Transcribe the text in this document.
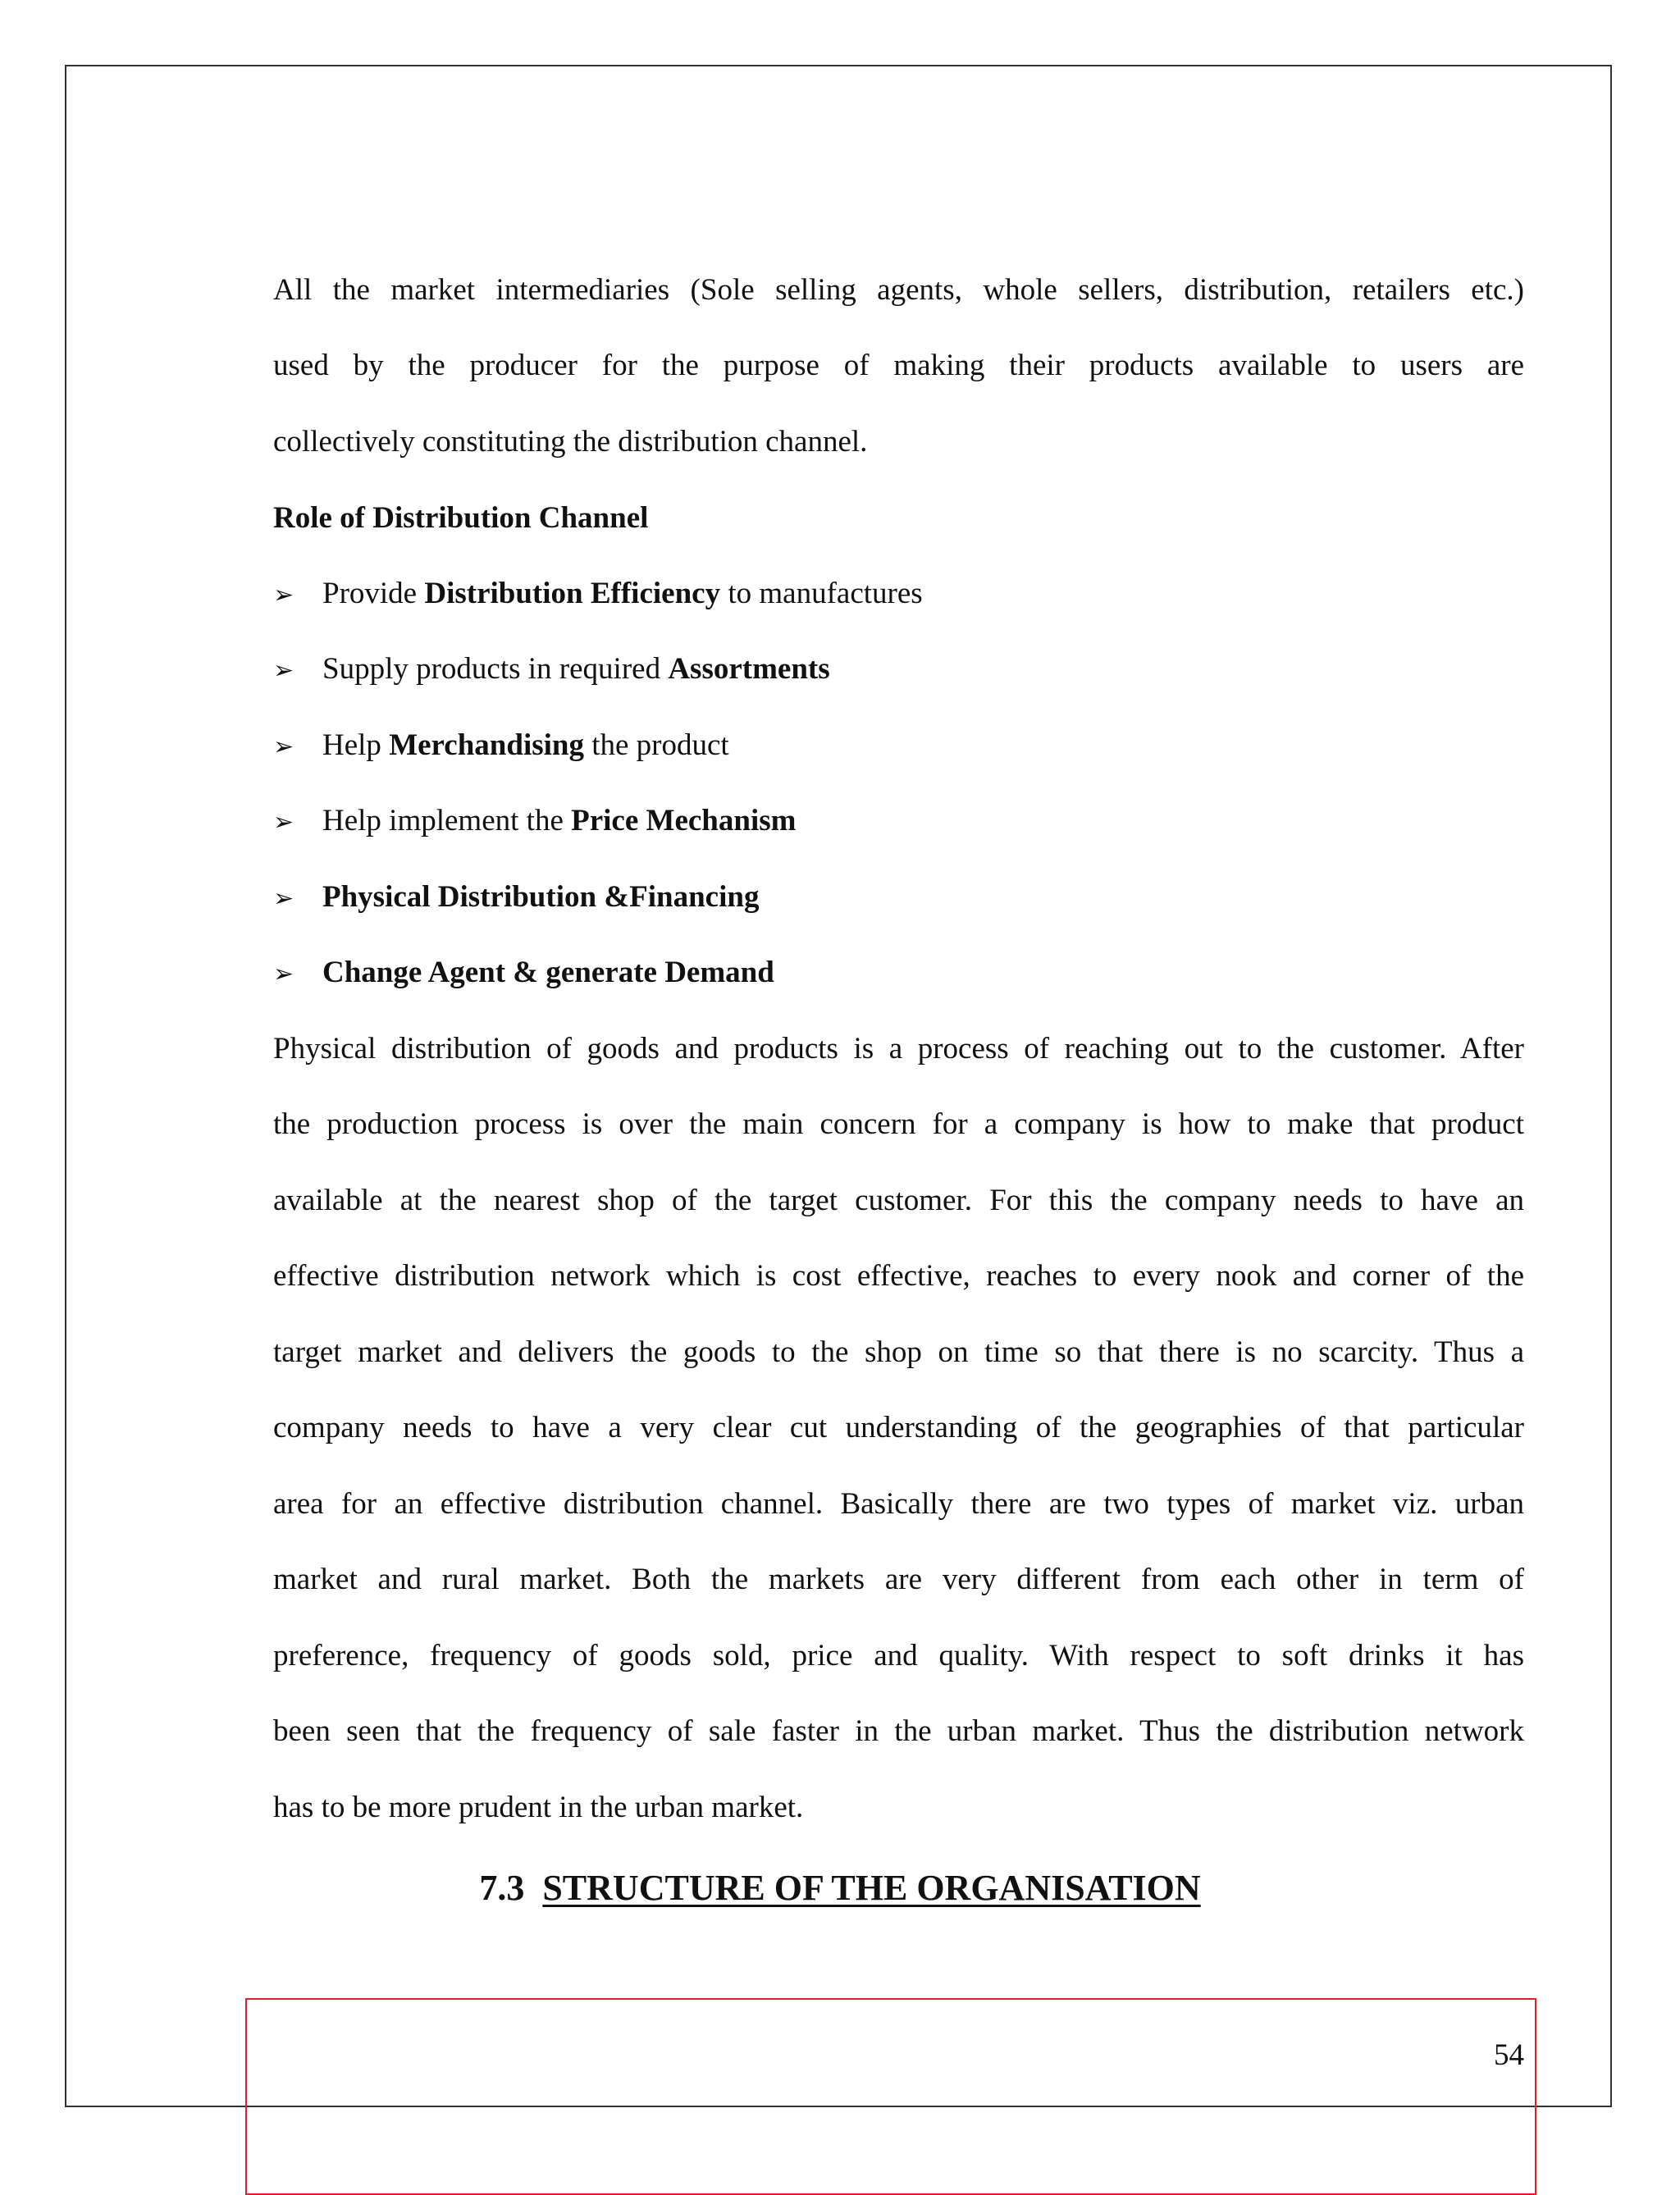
All the market intermediaries (Sole selling agents, whole sellers, distribution, retailers etc.)
used by the producer for the purpose of making their products available to users are
collectively constituting the distribution channel.
Role of Distribution Channel
➢ Provide Distribution Efficiency to manufactures
➢ Supply products in required Assortments
➢ Help Merchandising the product
➢ Help implement the Price Mechanism
➢ Physical Distribution &Financing
➢ Change Agent & generate Demand
Physical distribution of goods and products is a process of reaching out to the customer. After
the production process is over the main concern for a company is how to make that product
available at the nearest shop of the target customer. For this the company needs to have an
effective distribution network which is cost effective, reaches to every nook and corner of the
target market and delivers the goods to the shop on time so that there is no scarcity. Thus a
company needs to have a very clear cut understanding of the geographies of that particular
area for an effective distribution channel. Basically there are two types of market viz. urban
market and rural market. Both the markets are very different from each other in term of
preference, frequency of goods sold, price and quality. With respect to soft drinks it has
been seen that the frequency of sale faster in the urban market. Thus the distribution network
has to be more prudent in the urban market.
7.3 STRUCTURE OF THE ORGANISATION
54
